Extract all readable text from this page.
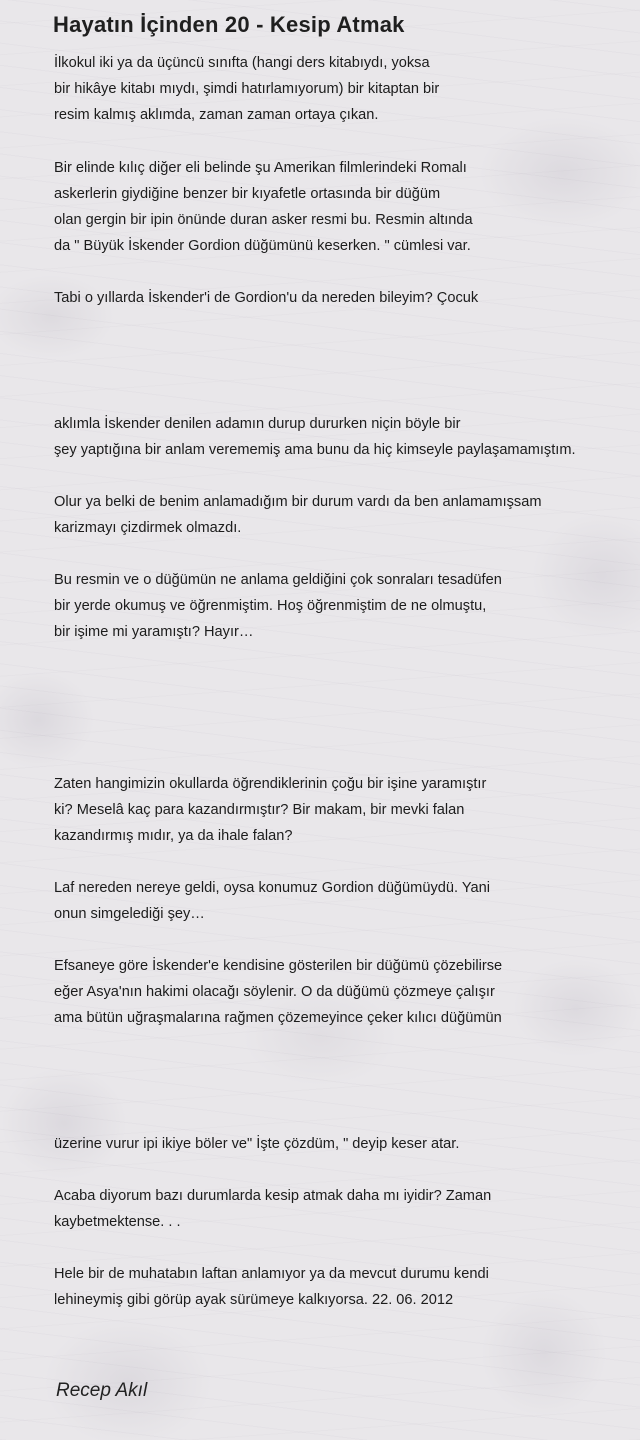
Hayatın İçinden 20 - Kesip Atmak
İlkokul iki ya da üçüncü sınıfta (hangi ders kitabıydı, yoksa
bir hikâye kitabı mıydı, şimdi hatırlamıyorum) bir kitaptan bir
resim kalmış aklımda, zaman zaman ortaya çıkan.
Bir elinde kılıç diğer eli belinde şu Amerikan filmlerindeki Romalı
askerlerin giydiğine benzer bir kıyafetle ortasında bir düğüm
olan gergin bir ipin önünde duran asker resmi bu. Resmin altında
da " Büyük İskender Gordion düğümünü keserken. " cümlesi var.
Tabi o yıllarda İskender'i de Gordion'u da nereden bileyim? Çocuk
aklımla İskender denilen adamın durup dururken niçin böyle bir
şey yaptığına bir anlam verememiş ama bunu da hiç kimseyle paylaşamamıştım.
Olur ya belki de benim anlamadığım bir durum vardı da ben anlamamışsam
karizmayı çizdirmek olmazdı.
Bu resmin ve o düğümün ne anlama geldiğini çok sonraları tesadüfen
bir yerde okumuş ve öğrenmiştim. Hoş öğrenmiştim de ne olmuştu,
bir işime mi yaramıştı? Hayır…
Zaten hangimizin okullarda öğrendiklerinin çoğu bir işine yaramıştır
ki? Meselâ kaç para kazandırmıştır? Bir makam, bir mevki falan
kazandırmış mıdır, ya da ihale falan?
Laf nereden nereye geldi, oysa konumuz Gordion düğümüydü. Yani
onun simgelediği şey…
Efsaneye göre İskender'e kendisine gösterilen bir düğümü çözebilirse
eğer Asya'nın hakimi olacağı söylenir. O da düğümü çözmeye çalışır
ama bütün uğraşmalarına rağmen çözemeyince çeker kılıcı düğümün
üzerine vurur ipi ikiye böler ve" İşte çözdüm, " deyip keser atar.
Acaba diyorum bazı durumlarda kesip atmak daha mı iyidir? Zaman
kaybetmektense. . .
Hele bir de muhatabın laftan anlamıyor ya da mevcut durumu kendi
lehineymiş gibi görüp ayak sürümeye kalkıyorsa. 22. 06. 2012
Recep Akıl
